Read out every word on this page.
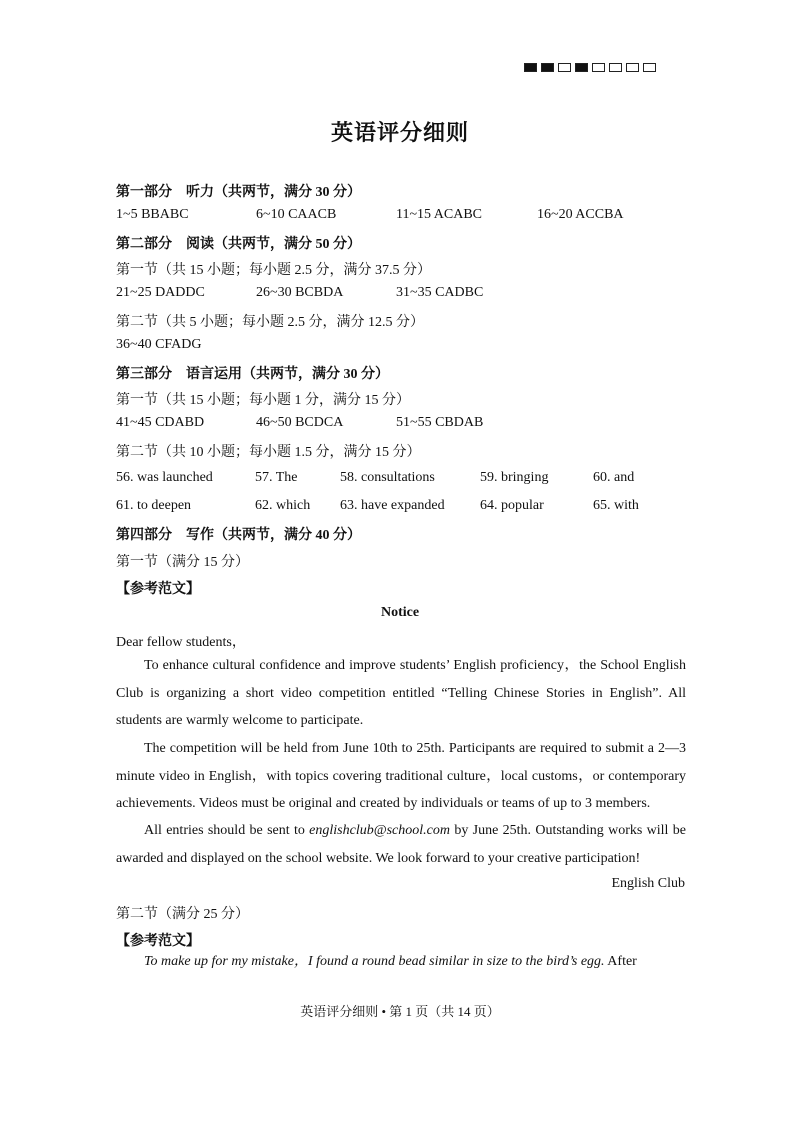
英语评分细则
第一部分　听力（共两节，满分 30 分）
1~5 BBABC	6~10 CAACB	11~15 ACABC	16~20 ACCBA
第二部分　阅读（共两节，满分 50 分）
第一节（共 15 小题；每小题 2.5 分，满分 37.5 分）
21~25 DADDC	26~30 BCBDA	31~35 CADBC
第二节（共 5 小题；每小题 2.5 分，满分 12.5 分）
36~40 CFADG
第三部分　语言运用（共两节，满分 30 分）
第一节（共 15 小题；每小题 1 分，满分 15 分）
41~45 CDABD	46~50 BCDCA	51~55 CBDAB
第二节（共 10 小题；每小题 1.5 分，满分 15 分）
56. was launched	57. The	58. consultations	59. bringing	60. and
61. to deepen	62. which 63. have expanded	64. popular	65. with
第四部分　写作（共两节，满分 40 分）
第一节（满分 15 分）
【参考范文】
Notice
Dear fellow students，
To enhance cultural confidence and improve students’ English proficiency，the School English Club is organizing a short video competition entitled “Telling Chinese Stories in English”. All students are warmly welcome to participate.
The competition will be held from June 10th to 25th. Participants are required to submit a 2—3 minute video in English，with topics covering traditional culture，local customs，or contemporary achievements. Videos must be original and created by individuals or teams of up to 3 members.
All entries should be sent to englishclub@school.com by June 25th. Outstanding works will be awarded and displayed on the school website. We look forward to your creative participation!
English Club
第二节（满分 25 分）
【参考范文】
To make up for my mistake，I found a round bead similar in size to the bird’s egg. After
英语评分细则 • 第 1 页（共 14 页）
